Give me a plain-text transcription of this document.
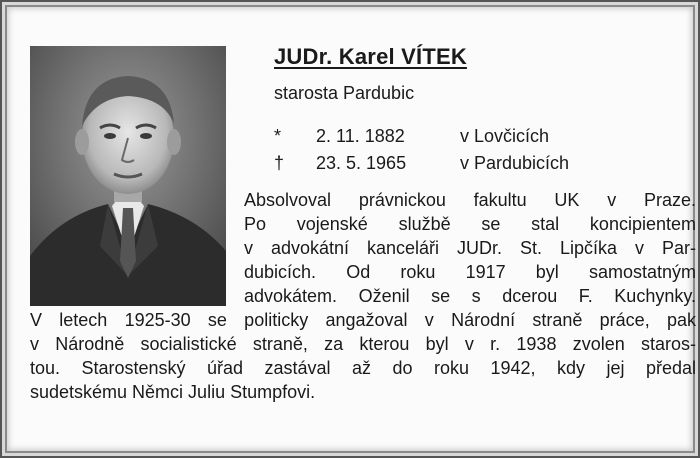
JUDr. Karel VÍTEK
starosta Pardubic
*	2. 11. 1882	v Lovčicích
†	23. 5. 1965	v Pardubicích
Absolvoval právnickou fakultu UK v Praze.
Po vojenské službě se stal koncipientem
v advokátní kanceláři JUDr. St. Lipčíka v Par-
dubicích. Od roku 1917 byl samostatným
advokátem. Oženil se s dcerou F. Kuchynky.
V letech 1925-30 se politicky angažoval v Národní straně práce, pak
v Národně socialistické straně, za kterou byl v r. 1938 zvolen staros-
tou. Starostenský úřad zastával až do roku 1942, kdy jej předal
sudetskému Němci Juliu Stumpfovi.
